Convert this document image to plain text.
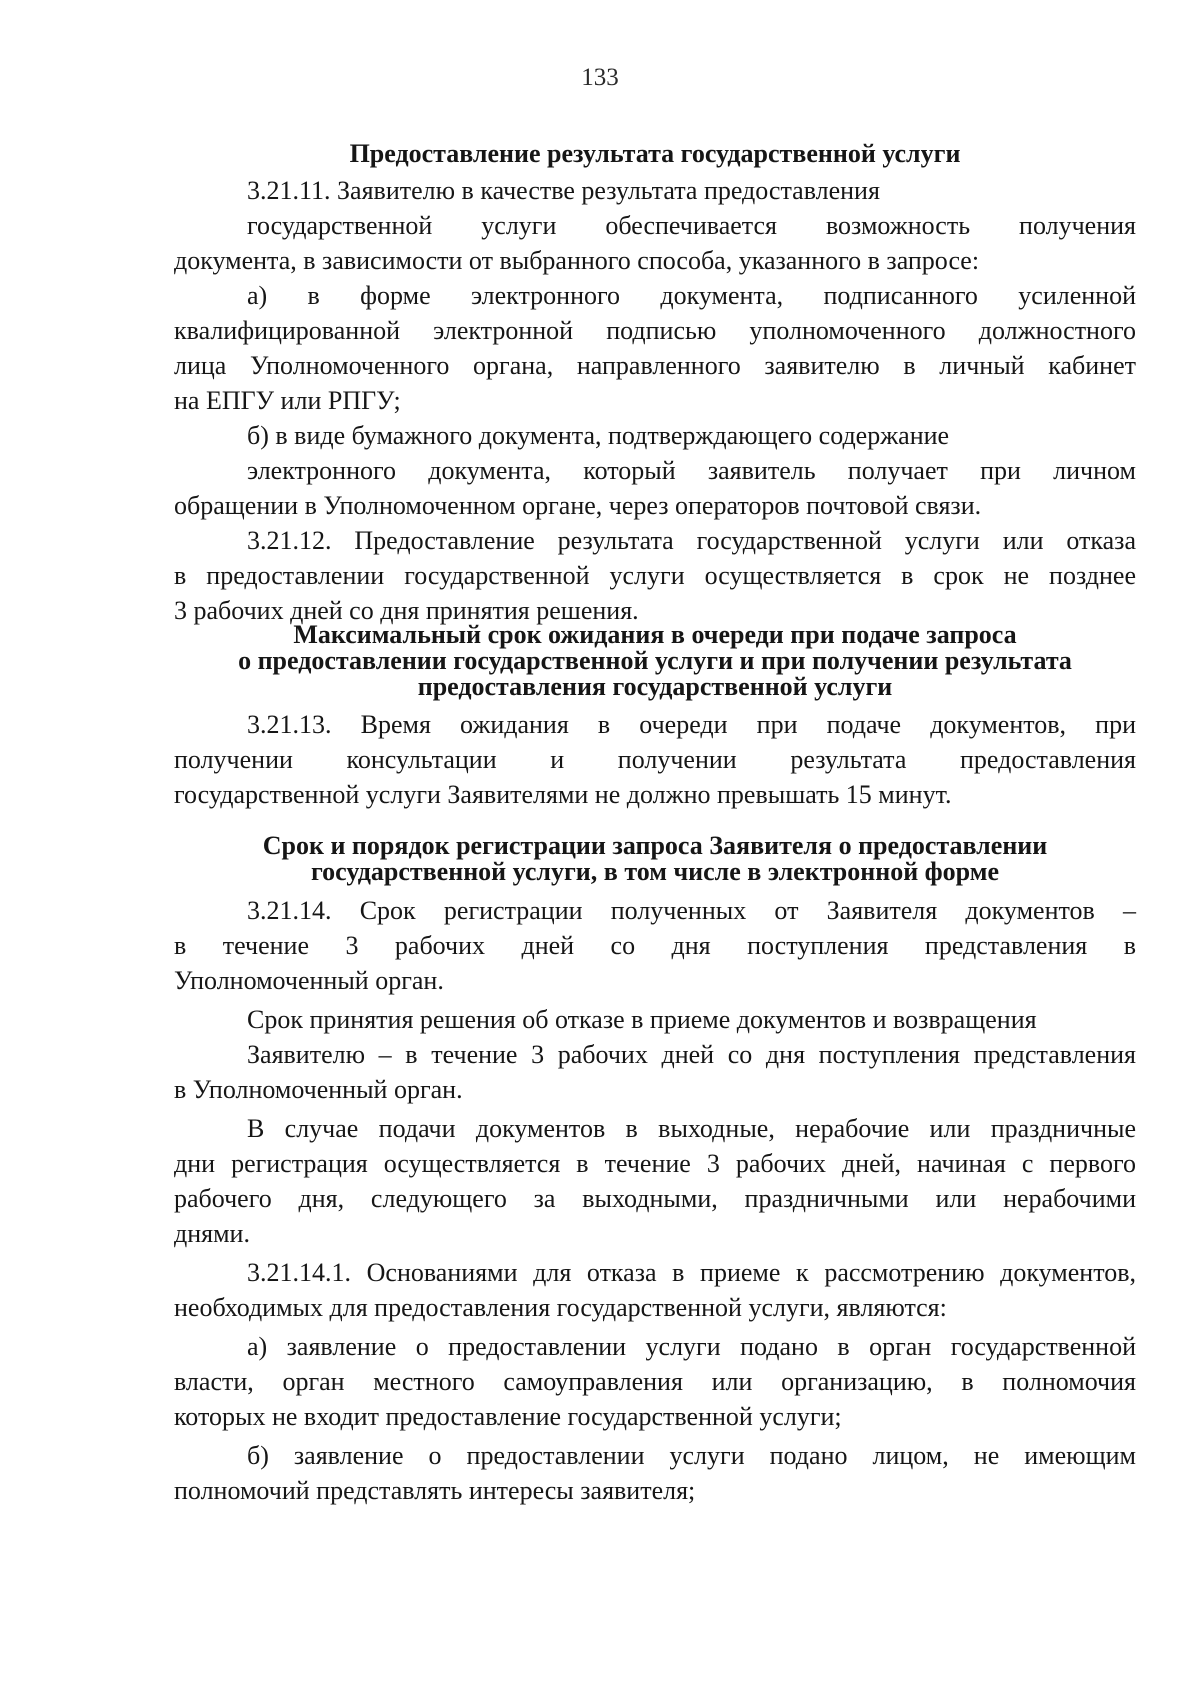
133
Предоставление результата государственной услуги
3.21.11. Заявителю в качестве результата предоставления
государственной услуги обеспечивается возможность получения
документа, в зависимости от выбранного способа, указанного в запросе:
а) в форме электронного документа, подписанного усиленной
квалифицированной электронной подписью уполномоченного должностного
лица Уполномоченного органа, направленного заявителю в личный кабинет
на ЕПГУ или РПГУ;
б) в виде бумажного документа, подтверждающего содержание
электронного документа, который заявитель получает при личном
обращении в Уполномоченном органе, через операторов почтовой связи.
3.21.12. Предоставление результата государственной услуги или отказа
в предоставлении государственной услуги осуществляется в срок не позднее
3 рабочих дней со дня принятия решения.
Максимальный срок ожидания в очереди при подаче запроса
о предоставлении государственной услуги и при получении результата
предоставления государственной услуги
3.21.13. Время ожидания в очереди при подаче документов, при
получении консультации и получении результата предоставления
государственной услуги Заявителями не должно превышать 15 минут.
Срок и порядок регистрации запроса Заявителя о предоставлении
государственной услуги, в том числе в электронной форме
3.21.14. Срок регистрации полученных от Заявителя документов –
в течение 3 рабочих дней со дня поступления представления в
Уполномоченный орган.
Срок принятия решения об отказе в приеме документов и возвращения
Заявителю – в течение 3 рабочих дней со дня поступления представления
в Уполномоченный орган.
В случае подачи документов в выходные, нерабочие или праздничные
дни регистрация осуществляется в течение 3 рабочих дней, начиная с первого
рабочего дня, следующего за выходными, праздничными или нерабочими
днями.
3.21.14.1. Основаниями для отказа в приеме к рассмотрению документов,
необходимых для предоставления государственной услуги, являются:
а) заявление о предоставлении услуги подано в орган государственной
власти, орган местного самоуправления или организацию, в полномочия
которых не входит предоставление государственной услуги;
б) заявление о предоставлении услуги подано лицом, не имеющим
полномочий представлять интересы заявителя;
